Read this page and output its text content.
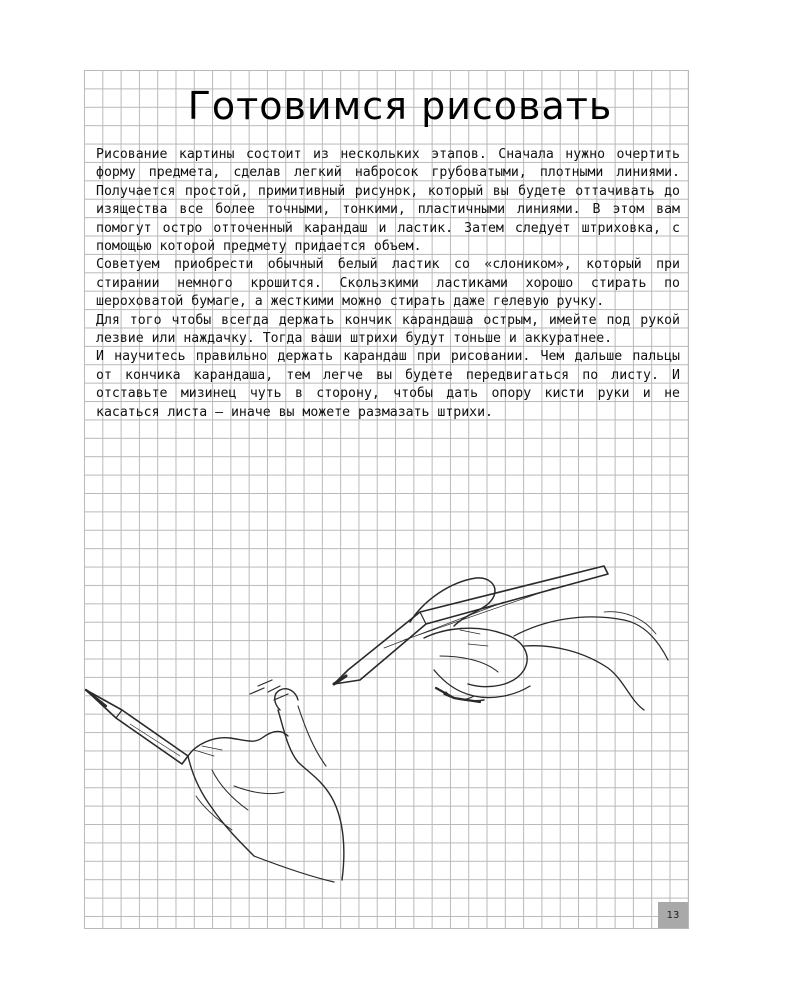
Готовимся рисовать

Рисование картины состоит из нескольких этапов. Сначала нужно очертить форму предмета, сделав легкий набросок грубоватыми, плотными линиями. Получается простой, примитивный рисунок, который вы будете оттачивать до изящества все более точными, тонкими, пластичными линиями. В этом вам помогут остро отточенный карандаш и ластик. Затем следует штриховка, с помощью которой предмету придается объем.

Советуем приобрести обычный белый ластик со «слоником», который при стирании немного крошится. Скользкими ластиками хорошо стирать по шероховатой бумаге, а жесткими можно стирать даже гелевую ручку.

Для того чтобы всегда держать кончик карандаша острым, имейте под рукой лезвие или наждачку. Тогда ваши штрихи будут тоньше и аккуратнее.

И научитесь правильно держать карандаш при рисовании. Чем дальше пальцы от кончика карандаша, тем легче вы будете передвигаться по листу. И отставьте мизинец чуть в сторону, чтобы дать опору кисти руки и не касаться листа — иначе вы можете размазать штрихи.

13
